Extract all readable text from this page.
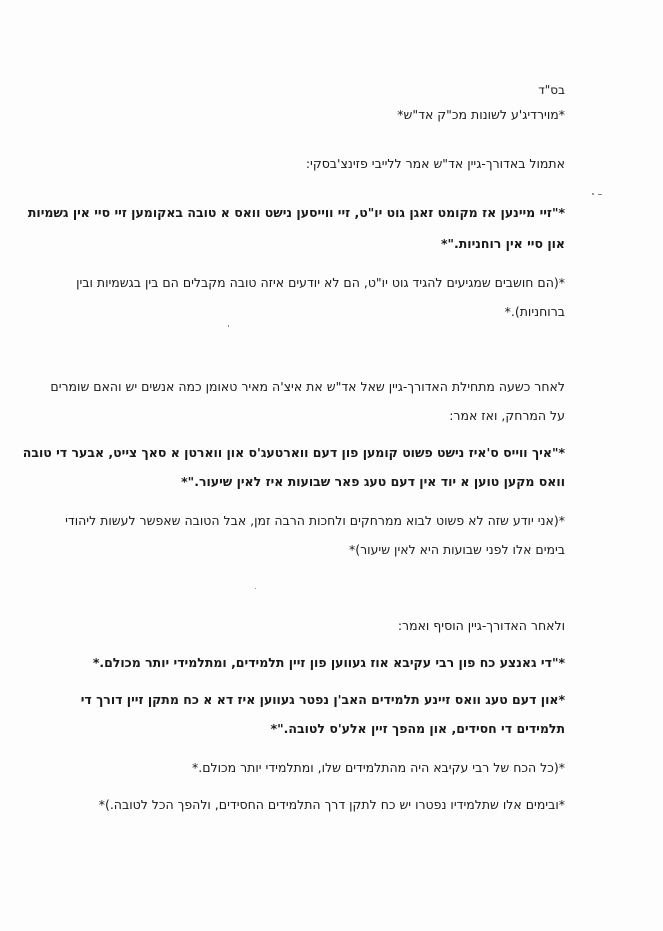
בס"ד
*מוירדיג'ע לשונות מכ"ק אד"ש*
אתמול באדורך-גיין אד"ש אמר ללייבי פזינצ'בסקי:
*"זיי מיינען אז מקומט זאגן גוט יו"ט, זיי ווייסען נישט וואס א טובה באקומען זיי סיי אין גשמיות
און סיי אין רוחניות."*
*(הם חושבים שמגיעים להגיד גוט יו"ט, הם לא יודעים איזה טובה מקבלים הם בין בגשמיות ובין
ברוחניות).*
לאחר כשעה מתחילת האדורך-גיין שאל אד"ש את איצ'ה מאיר טאומן כמה אנשים יש והאם שומרים
על המרחק, ואז אמר:
*"איך ווייס ס'איז נישט פשוט קומען פון דעם ווארטעג'ס און ווארטן א סאך צייט, אבער די טובה
וואס מקען טוען א יוד אין דעם טעג פאר שבועות איז לאין שיעור."*
*(אני יודע שזה לא פשוט לבוא ממרחקים ולחכות הרבה זמן, אבל הטובה שאפשר לעשות ליהודי
בימים אלו לפני שבועות היא לאין שיעור)*
ולאחר האדורך-גיין הוסיף ואמר:
*"די גאנצע כח פון רבי עקיבא אוז געווען פון זיין תלמידים, ומתלמידי יותר מכולם.*
*און דעם טעג וואס זיינע תלמידים האב'ן נפטר געווען איז דא א כח מתקן זיין דורך די
תלמידים די חסידים, און מהפך זיין אלע'ס לטובה."*
*(כל הכח של רבי עקיבא היה מהתלמידים שלו, ומתלמידי יותר מכולם.*
*ובימים אלו שתלמידיו נפטרו יש כח לתקן דרך התלמידים החסידים, ולהפך הכל לטובה.)*
